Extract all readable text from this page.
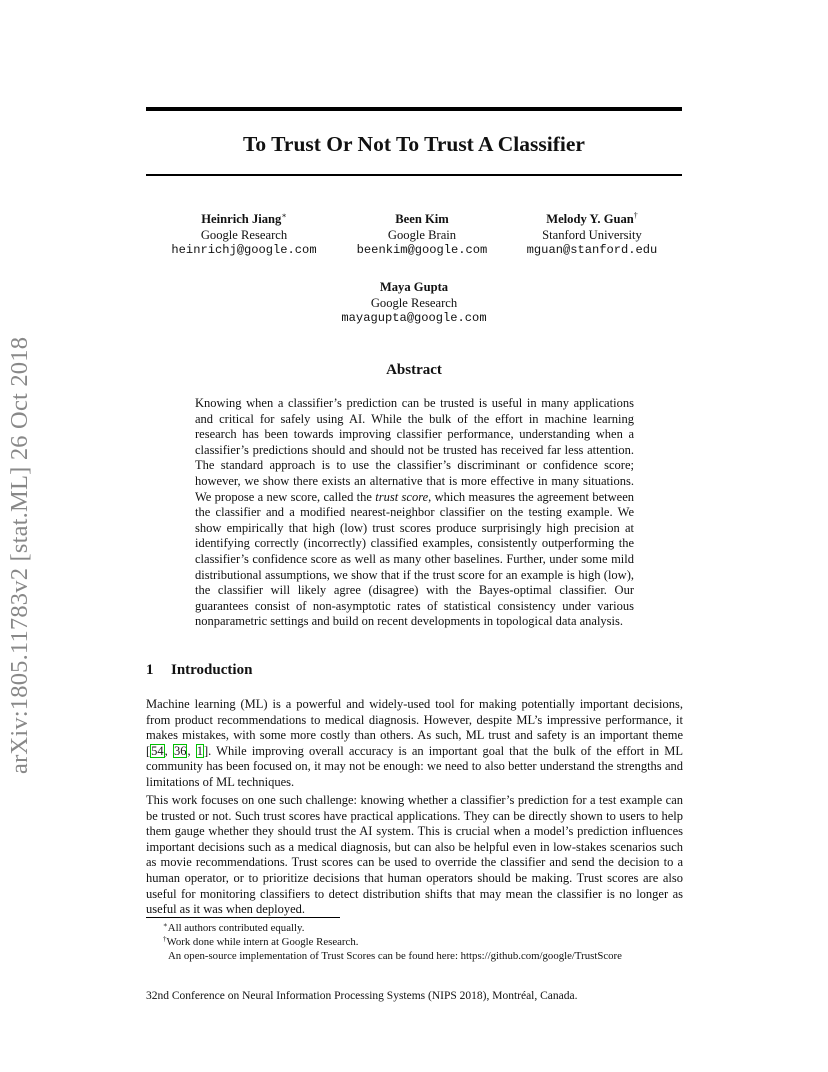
arXiv:1805.11783v2 [stat.ML] 26 Oct 2018
To Trust Or Not To Trust A Classifier
Heinrich Jiang∗
Google Research
heinrichj@google.com
Been Kim
Google Brain
beenkim@google.com
Melody Y. Guan†
Stanford University
mguan@stanford.edu
Maya Gupta
Google Research
mayagupta@google.com
Abstract
Knowing when a classifier’s prediction can be trusted is useful in many applications and critical for safely using AI. While the bulk of the effort in machine learning research has been towards improving classifier performance, understanding when a classifier’s predictions should and should not be trusted has received far less attention. The standard approach is to use the classifier’s discriminant or confidence score; however, we show there exists an alternative that is more effective in many situations. We propose a new score, called the trust score, which measures the agreement between the classifier and a modified nearest-neighbor classifier on the testing example. We show empirically that high (low) trust scores produce surprisingly high precision at identifying correctly (incorrectly) classified examples, consistently outperforming the classifier’s confidence score as well as many other baselines. Further, under some mild distributional assumptions, we show that if the trust score for an example is high (low), the classifier will likely agree (disagree) with the Bayes-optimal classifier. Our guarantees consist of non-asymptotic rates of statistical consistency under various nonparametric settings and build on recent developments in topological data analysis.
1 Introduction
Machine learning (ML) is a powerful and widely-used tool for making potentially important decisions, from product recommendations to medical diagnosis. However, despite ML’s impressive performance, it makes mistakes, with some more costly than others. As such, ML trust and safety is an important theme [54, 36, 1]. While improving overall accuracy is an important goal that the bulk of the effort in ML community has been focused on, it may not be enough: we need to also better understand the strengths and limitations of ML techniques.
This work focuses on one such challenge: knowing whether a classifier’s prediction for a test example can be trusted or not. Such trust scores have practical applications. They can be directly shown to users to help them gauge whether they should trust the AI system. This is crucial when a model’s prediction influences important decisions such as a medical diagnosis, but can also be helpful even in low-stakes scenarios such as movie recommendations. Trust scores can be used to override the classifier and send the decision to a human operator, or to prioritize decisions that human operators should be making. Trust scores are also useful for monitoring classifiers to detect distribution shifts that may mean the classifier is no longer as useful as it was when deployed.
∗All authors contributed equally.
†Work done while intern at Google Research.
An open-source implementation of Trust Scores can be found here: https://github.com/google/TrustScore
32nd Conference on Neural Information Processing Systems (NIPS 2018), Montréal, Canada.
